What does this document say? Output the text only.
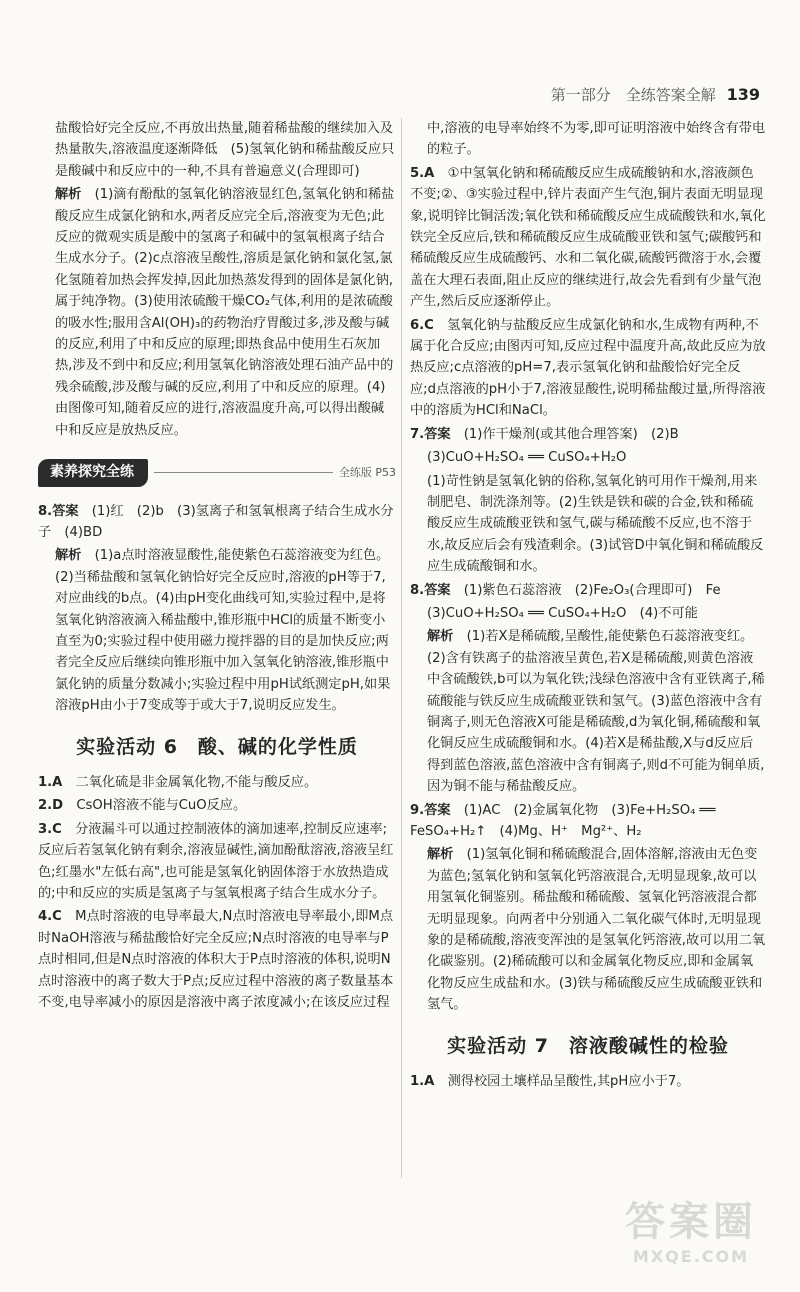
第一部分　全练答案全解 139

盐酸恰好完全反应,不再放出热量,随着稀盐酸的继续加入及热量散失,溶液温度逐渐降低　(5)氢氧化钠和稀盐酸反应只是酸碱中和反应中的一种,不具有普遍意义(合理即可)

解析　 (1)滴有酚酞的氢氧化钠溶液显红色,氢氧化钠和稀盐酸反应生成氯化钠和水,两者反应完全后,溶液变为无色;此反应的微观实质是酸中的氢离子和碱中的氢氧根离子结合生成水分子。(2)c点溶液呈酸性,溶质是氯化钠和氯化氢,氯化氢随着加热会挥发掉,因此加热蒸发得到的固体是氯化钠,属于纯净物。(3)使用浓硫酸干燥CO₂气体,利用的是浓硫酸的吸水性;服用含Al(OH)₃的药物治疗胃酸过多,涉及酸与碱的反应,利用了中和反应的原理;即热食品中使用生石灰加热,涉及不到中和反应;利用氢氧化钠溶液处理石油产品中的残余硫酸,涉及酸与碱的反应,利用了中和反应的原理。(4)由图像可知,随着反应的进行,溶液温度升高,可以得出酸碱中和反应是放热反应。

素养探究全练	全练版 P53

8.答案　 (1)红　(2)b　(3)氢离子和氢氧根离子结合生成水分子　(4)BD

解析　 (1)a点时溶液显酸性,能使紫色石蕊溶液变为红色。(2)当稀盐酸和氢氧化钠恰好完全反应时,溶液的pH等于7,对应曲线的b点。(4)由pH变化曲线可知,实验过程中,是将氢氧化钠溶液滴入稀盐酸中,锥形瓶中HCl的质量不断变小直至为0;实验过程中使用磁力搅拌器的目的是加快反应;两者完全反应后继续向锥形瓶中加入氢氧化钠溶液,锥形瓶中氯化钠的质量分数减小;实验过程中用pH试纸测定pH,如果溶液pH由小于7变成等于或大于7,说明反应发生。

实验活动 6　酸、碱的化学性质

1.A　 二氧化硫是非金属氧化物,不能与酸反应。

2.D　 CsOH溶液不能与CuO反应。

3.C　 分液漏斗可以通过控制液体的滴加速率,控制反应速率;反应后若氢氧化钠有剩余,溶液显碱性,滴加酚酞溶液,溶液呈红色;红墨水"左低右高",也可能是氢氧化钠固体溶于水放热造成的;中和反应的实质是氢离子与氢氧根离子结合生成水分子。

4.C　 M点时溶液的电导率最大,N点时溶液电导率最小,即M点时NaOH溶液与稀盐酸恰好完全反应;N点时溶液的电导率与P点时相同,但是N点时溶液的体积大于P点时溶液的体积,说明N点时溶液中的离子数大于P点;反应过程中溶液的离子数量基本不变,电导率减小的原因是溶液中离子浓度减小;在该反应过程

中,溶液的电导率始终不为零,即可证明溶液中始终含有带电的粒子。

5.A　 ①中氢氧化钠和稀硫酸反应生成硫酸钠和水,溶液颜色不变;②、③实验过程中,锌片表面产生气泡,铜片表面无明显现象,说明锌比铜活泼;氧化铁和稀硫酸反应生成硫酸铁和水,氧化铁完全反应后,铁和稀硫酸反应生成硫酸亚铁和氢气;碳酸钙和稀硫酸反应生成硫酸钙、水和二氧化碳,硫酸钙微溶于水,会覆盖在大理石表面,阻止反应的继续进行,故会先看到有少量气泡产生,然后反应逐渐停止。

6.C　 氢氧化钠与盐酸反应生成氯化钠和水,生成物有两种,不属于化合反应;由图丙可知,反应过程中温度升高,故此反应为放热反应;c点溶液的pH=7,表示氢氧化钠和盐酸恰好完全反应;d点溶液的pH小于7,溶液显酸性,说明稀盐酸过量,所得溶液中的溶质为HCl和NaCl。

7.答案　 (1)作干燥剂(或其他合理答案)　(2)B

(3)CuO+H₂SO₄ ══ CuSO₄+H₂O

(1)苛性钠是氢氧化钠的俗称,氢氧化钠可用作干燥剂,用来制肥皂、制洗涤剂等。(2)生铁是铁和碳的合金,铁和稀硫酸反应生成硫酸亚铁和氢气,碳与稀硫酸不反应,也不溶于水,故反应后会有残渣剩余。(3)试管D中氧化铜和稀硫酸反应生成硫酸铜和水。

8.答案　 (1)紫色石蕊溶液　(2)Fe₂O₃(合理即可)　Fe

(3)CuO+H₂SO₄ ══ CuSO₄+H₂O　(4)不可能

解析　 (1)若X是稀硫酸,呈酸性,能使紫色石蕊溶液变红。(2)含有铁离子的盐溶液呈黄色,若X是稀硫酸,则黄色溶液中含硫酸铁,b可以为氧化铁;浅绿色溶液中含有亚铁离子,稀硫酸能与铁反应生成硫酸亚铁和氢气。(3)蓝色溶液中含有铜离子,则无色溶液X可能是稀硫酸,d为氧化铜,稀硫酸和氧化铜反应生成硫酸铜和水。(4)若X是稀盐酸,X与d反应后得到蓝色溶液,蓝色溶液中含有铜离子,则d不可能为铜单质,因为铜不能与稀盐酸反应。

9.答案　 (1)AC　(2)金属氧化物　(3)Fe+H₂SO₄ ══ FeSO₄+H₂↑　(4)Mg、H⁺　Mg²⁺、H₂

解析　 (1)氢氧化铜和稀硫酸混合,固体溶解,溶液由无色变为蓝色;氢氧化钠和氢氧化钙溶液混合,无明显现象,故可以用氢氧化铜鉴别。稀盐酸和稀硫酸、氢氧化钙溶液混合都无明显现象。向两者中分别通入二氧化碳气体时,无明显现象的是稀硫酸,溶液变浑浊的是氢氧化钙溶液,故可以用二氧化碳鉴别。(2)稀硫酸可以和金属氧化物反应,即和金属氧化物反应生成盐和水。(3)铁与稀硫酸反应生成硫酸亚铁和氢气。

实验活动 7　溶液酸碱性的检验

1.A　 测得校园土壤样品呈酸性,其pH应小于7。

答案圈
MXQE.COM
